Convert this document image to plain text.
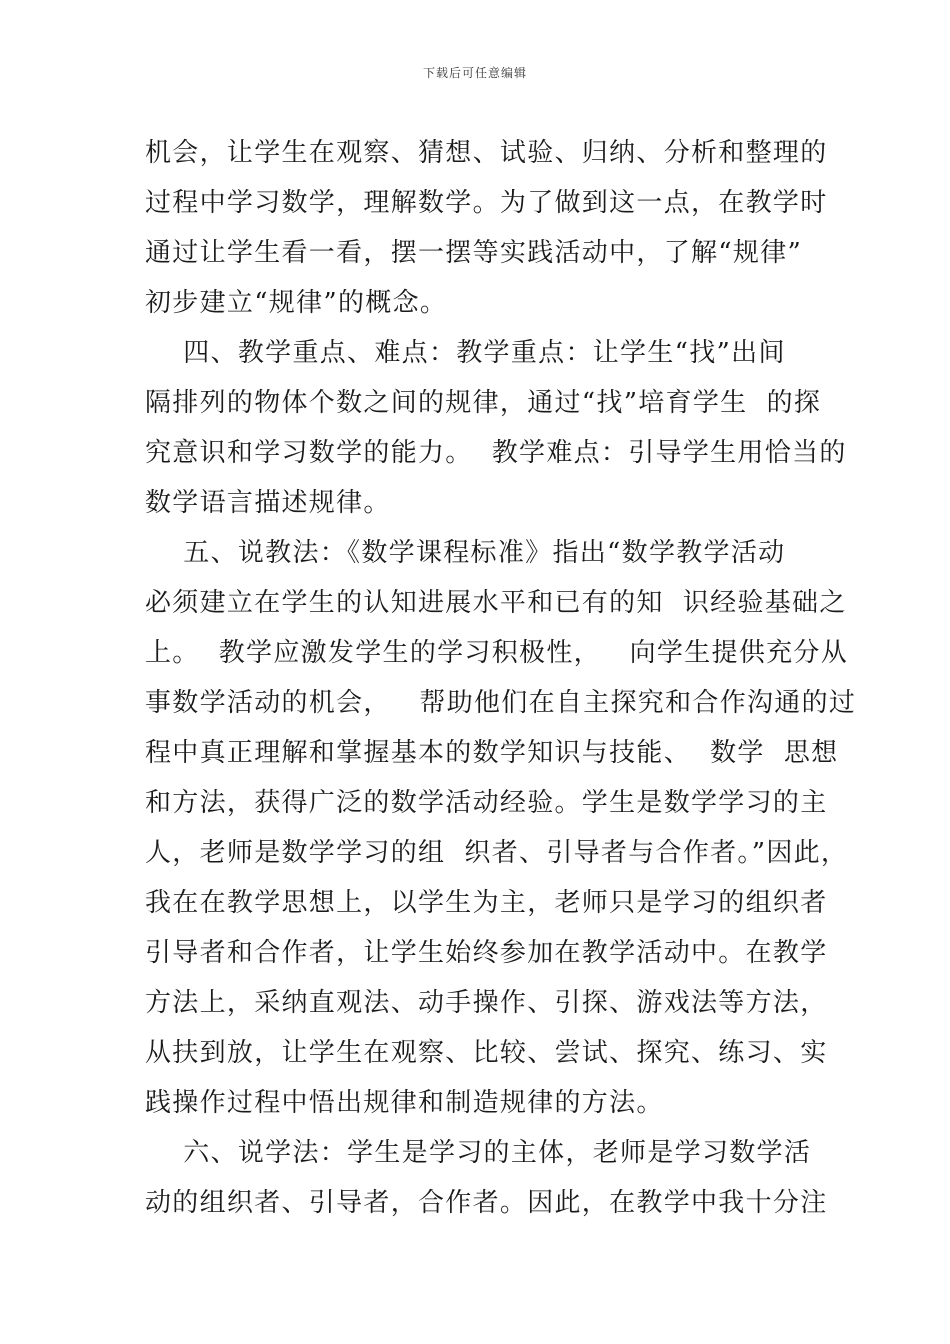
下载后可任意编辑
机会，让学生在观察、猜想、试验、归纳、分析和整理的
过程中学习数学，理解数学。为了做到这一点，在教学时
通过让学生看一看，摆一摆等实践活动中，了解“规律”
初步建立“规律”的概念。
四、教学重点、难点：教学重点：让学生“找”出间
隔排列的物体个数之间的规律，通过“找”培育学生  的探
究意识和学习数学的能力。  教学难点：引导学生用恰当的
数学语言描述规律。
五、说教法：《数学课程标准》指出“数学教学活动
必须建立在学生的认知进展水平和已有的知  识经验基础之
上。  教学应激发学生的学习积极性，   向学生提供充分从
事数学活动的机会，   帮助他们在自主探究和合作沟通的过
程中真正理解和掌握基本的数学知识与技能、  数学  思想
和方法，获得广泛的数学活动经验。学生是数学学习的主
人，老师是数学学习的组  织者、引导者与合作者。”因此，
我在在教学思想上，以学生为主，老师只是学习的组织者
引导者和合作者，让学生始终参加在教学活动中。在教学
方法上，采纳直观法、动手操作、引探、游戏法等方法，
从扶到放，让学生在观察、比较、尝试、探究、练习、实
践操作过程中悟出规律和制造规律的方法。
六、说学法：学生是学习的主体，老师是学习数学活
动的组织者、引导者，合作者。因此，在教学中我十分注
